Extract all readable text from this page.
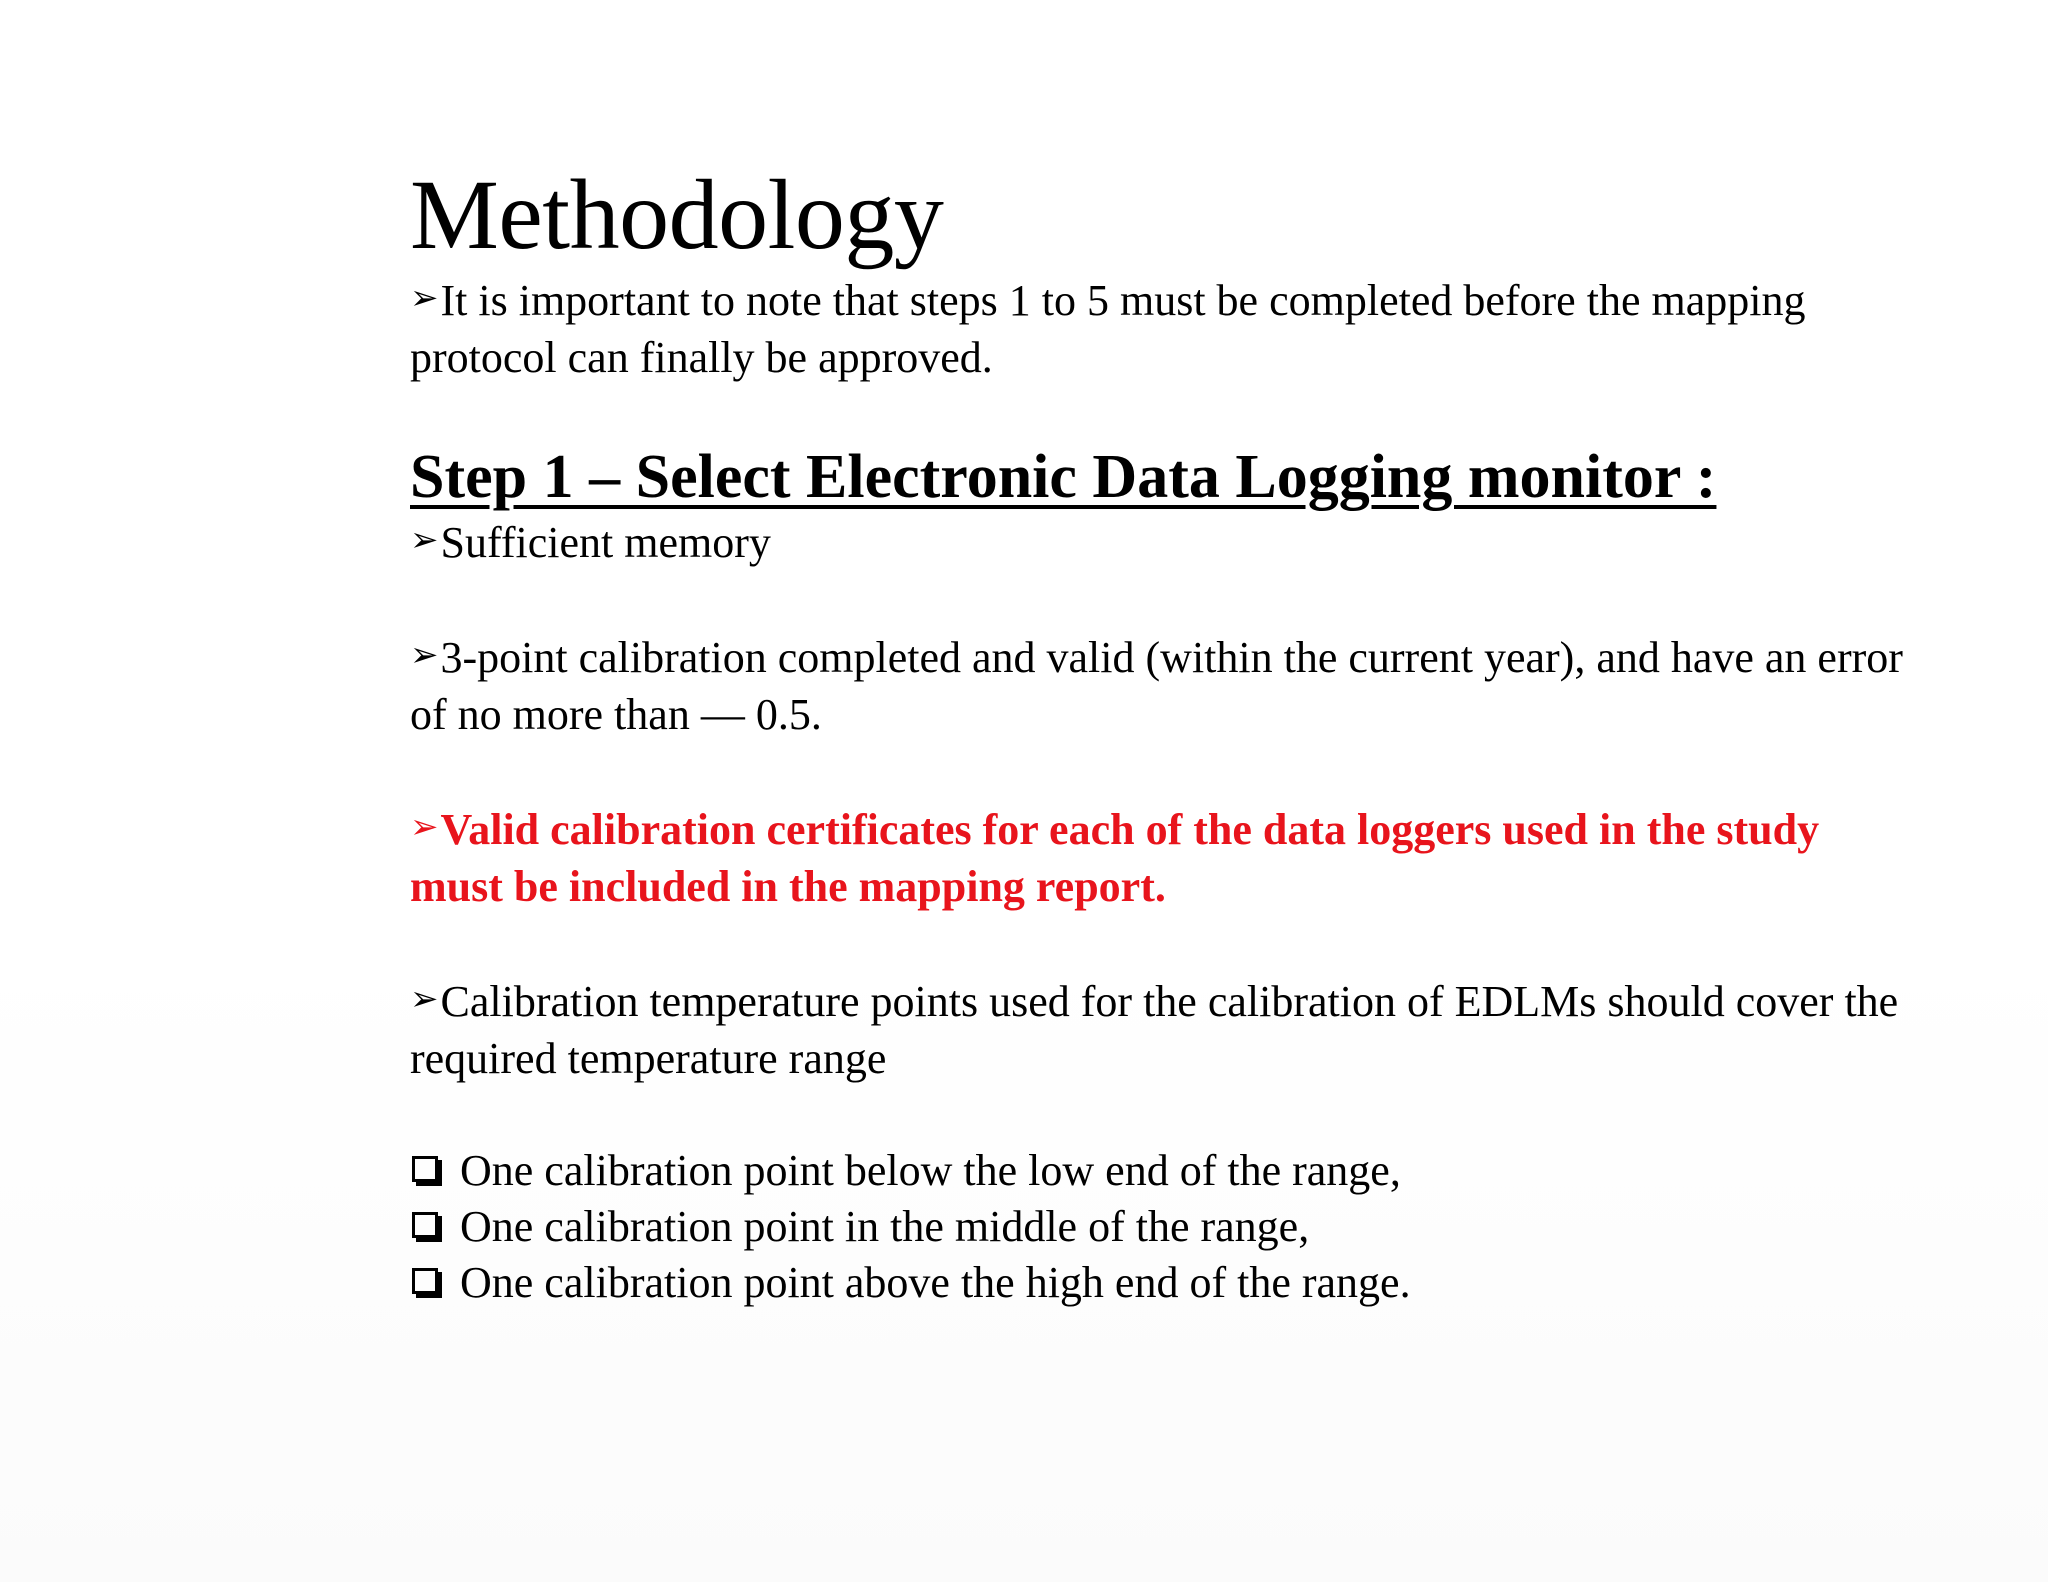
Methodology

➢It is important to note that steps 1 to 5 must be completed before the mapping protocol can finally be approved.

Step 1 – Select Electronic Data Logging monitor :

➢Sufficient memory

➢3-point calibration completed and valid (within the current year), and have an error of no more than — 0.5.

➢Valid calibration certificates for each of the data loggers used in the study must be included in the mapping report.

➢Calibration temperature points used for the calibration of EDLMs should cover the required temperature range

One calibration point below the low end of the range,

One calibration point in the middle of the range,

One calibration point above the high end of the range.
